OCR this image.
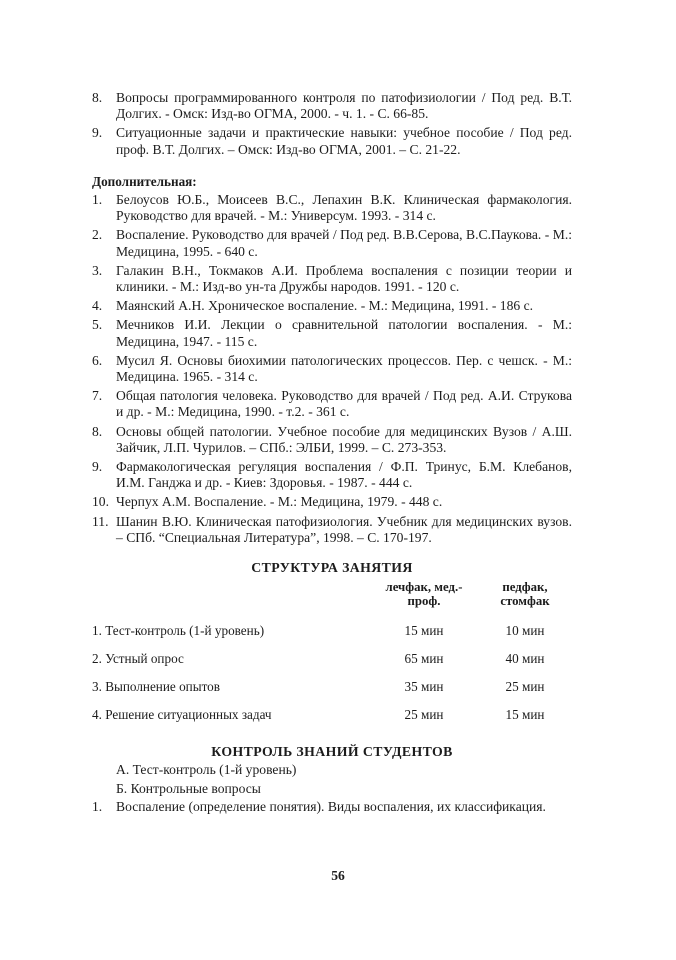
8. Вопросы программированного контроля по патофизиологии / Под ред. В.Т. Долгих. - Омск: Изд-во ОГМА, 2000. - ч. 1. - С. 66-85.
9. Ситуационные задачи и практические навыки: учебное пособие / Под ред. проф. В.Т. Долгих. – Омск: Изд-во ОГМА, 2001. – С. 21-22.
Дополнительная:
1. Белоусов Ю.Б., Моисеев В.С., Лепахин В.К. Клиническая фармакология. Руководство для врачей. - М.: Универсум. 1993. - 314 с.
2. Воспаление. Руководство для врачей / Под ред. В.В.Серова, В.С.Паукова. - М.: Медицина, 1995. - 640 с.
3. Галакин В.Н., Токмаков А.И. Проблема воспаления с позиции теории и клиники. - М.: Изд-во ун-та Дружбы народов. 1991. - 120 с.
4. Маянский А.Н. Хроническое воспаление. - М.: Медицина, 1991. - 186 с.
5. Мечников И.И. Лекции о сравнительной патологии воспаления. - М.: Медицина, 1947. - 115 с.
6. Мусил Я. Основы биохимии патологических процессов. Пер. с чешск. - М.: Медицина. 1965. - 314 с.
7. Общая патология человека. Руководство для врачей / Под ред. А.И. Струкова и др. - М.: Медицина, 1990. - т.2. - 361 с.
8. Основы общей патологии. Учебное пособие для медицинских Вузов / А.Ш. Зайчик, Л.П. Чурилов. – СПб.: ЭЛБИ, 1999. – С. 273-353.
9. Фармакологическая регуляция воспаления / Ф.П. Тринус, Б.М. Клебанов, И.М. Ганджа и др. - Киев: Здоровья. - 1987. - 444 с.
10. Черпух А.М. Воспаление. - М.: Медицина, 1979. - 448 с.
11. Шанин В.Ю. Клиническая патофизиология. Учебник для медицинских вузов. – СПб. “Специальная Литература”, 1998. – С. 170-197.
СТРУКТУРА ЗАНЯТИЯ
	лечфак, мед.-проф.	педфак, стомфак
1. Тест-контроль (1-й уровень)	15 мин	10 мин
2. Устный опрос	65 мин	40 мин
3. Выполнение опытов	35 мин	25 мин
4. Решение ситуационных задач	25 мин	15 мин
КОНТРОЛЬ ЗНАНИЙ СТУДЕНТОВ
А. Тест-контроль (1-й уровень)
Б. Контрольные вопросы
1. Воспаление (определение понятия). Виды воспаления, их классификация.
56
